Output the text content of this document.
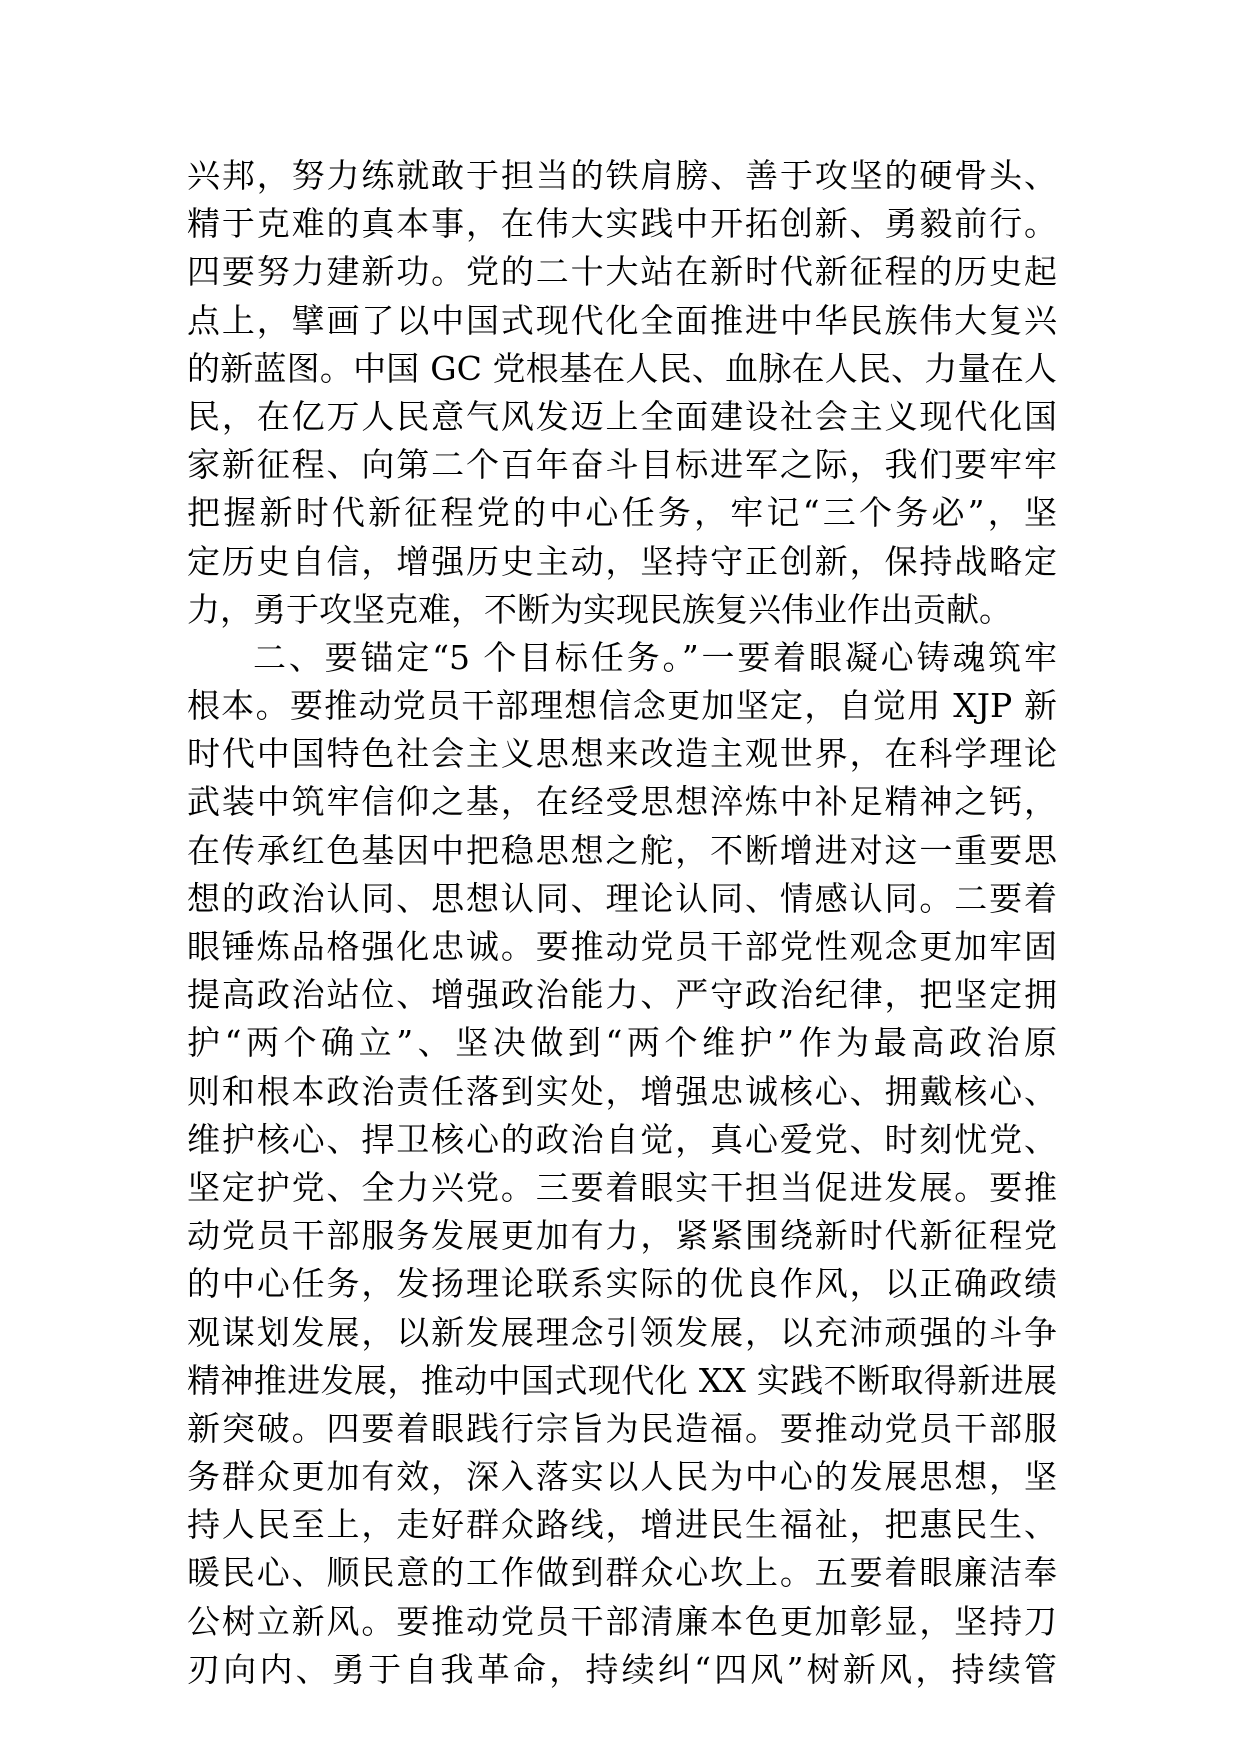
兴邦，努力练就敢于担当的铁肩膀、善于攻坚的硬骨头、
精于克难的真本事，在伟大实践中开拓创新、勇毅前行。
四要努力建新功。党的二十大站在新时代新征程的历史起
点上，擘画了以中国式现代化全面推进中华民族伟大复兴
的新蓝图。中国 GC 党根基在人民、血脉在人民、力量在人
民，在亿万人民意气风发迈上全面建设社会主义现代化国
家新征程、向第二个百年奋斗目标进军之际，我们要牢牢
把握新时代新征程党的中心任务，牢记“三个务必”，坚
定历史自信，增强历史主动，坚持守正创新，保持战略定
力，勇于攻坚克难，不断为实现民族复兴伟业作出贡献。
二、要锚定“5 个目标任务。”一要着眼凝心铸魂筑牢
根本。要推动党员干部理想信念更加坚定，自觉用 XJP 新
时代中国特色社会主义思想来改造主观世界，在科学理论
武装中筑牢信仰之基，在经受思想淬炼中补足精神之钙，
在传承红色基因中把稳思想之舵，不断增进对这一重要思
想的政治认同、思想认同、理论认同、情感认同。二要着
眼锤炼品格强化忠诚。要推动党员干部党性观念更加牢固
提高政治站位、增强政治能力、严守政治纪律，把坚定拥
护“两个确立”、坚决做到“两个维护”作为最高政治原
则和根本政治责任落到实处，增强忠诚核心、拥戴核心、
维护核心、捍卫核心的政治自觉，真心爱党、时刻忧党、
坚定护党、全力兴党。三要着眼实干担当促进发展。要推
动党员干部服务发展更加有力，紧紧围绕新时代新征程党
的中心任务，发扬理论联系实际的优良作风，以正确政绩
观谋划发展，以新发展理念引领发展，以充沛顽强的斗争
精神推进发展，推动中国式现代化 XX 实践不断取得新进展
新突破。四要着眼践行宗旨为民造福。要推动党员干部服
务群众更加有效，深入落实以人民为中心的发展思想，坚
持人民至上，走好群众路线，增进民生福祉，把惠民生、
暖民心、顺民意的工作做到群众心坎上。五要着眼廉洁奉
公树立新风。要推动党员干部清廉本色更加彰显，坚持刀
刃向内、勇于自我革命，持续纠“四风”树新风，持续管
